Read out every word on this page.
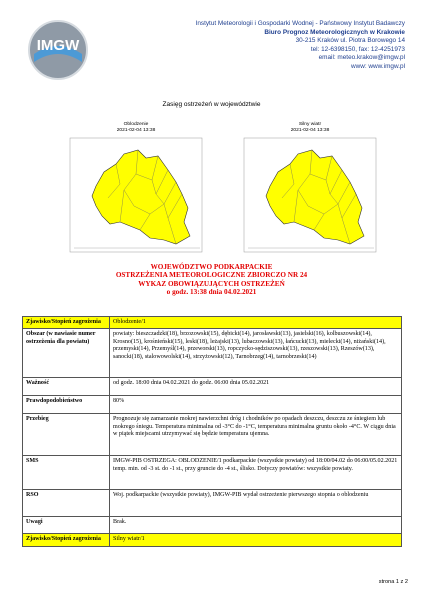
IMGW
Instytut Meteorologii i Gospodarki Wodnej - Państwowy Instytut Badawczy
Biuro Prognoz Meteorologicznych w Krakowie
30-215 Kraków ul. Piotra Borowego 14
tel: 12-6398150, fax: 12-4251973
email: meteo.krakow@imgw.pl
www: www.imgw.pl
Zasięg ostrzeżeń w województwie
Oblodzenie
2021-02-04 13:38
Silny wiatr
2021-02-04 13:38
WOJEWÓDZTWO PODKARPACKIE
OSTRZEŻENIA METEOROLOGICZNE ZBIORCZO NR 24
WYKAZ OBOWIĄZUJĄCYCH OSTRZEŻEŃ
o godz. 13:38 dnia 04.02.2021
Zjawisko/Stopień zagrożenia	Oblodzenie/1
Obszar (w nawiasie numer ostrzeżenia dla powiatu)	powiaty: bieszczadzki(18), brzozowski(15), dębicki(14), jarosławski(13), jasielski(16), kolbuszowski(14), Krosno(15), krośnieński(15), leski(18), leżajski(13), lubaczowski(13), łańcucki(13), mielecki(14), niżański(14), przemyski(14), Przemyśl(14), przeworski(13), ropczycko-sędziszowski(13), rzeszowski(13), Rzeszów(13), sanocki(18), stalowowolski(14), strzyżowski(12), Tarnobrzeg(14), tarnobrzeski(14)
Ważność	od godz. 18:00 dnia 04.02.2021 do godz. 06:00 dnia 05.02.2021
Prawdopodobieństwo	80%
Przebieg	Prognozuje się zamarzanie mokrej nawierzchni dróg i chodników po opadach deszczu, deszczu ze śniegiem lub mokrego śniegu. Temperatura minimalna od -3°C do -1°C, temperatura minimalna gruntu około -4°C. W ciągu dnia w piątek miejscami utrzymywać się będzie temperatura ujemna.
SMS	IMGW-PIB OSTRZEGA: OBLODZENIE/1 podkarpackie (wszystkie powiaty) od 18:00/04.02 do 06:00/05.02.2021 temp. min. od -3 st. do -1 st., przy gruncie do -4 st., ślisko. Dotyczy powiatów: wszystkie powiaty.
RSO	Woj. podkarpackie (wszystkie powiaty), IMGW-PIB wydał ostrzeżenie pierwszego stopnia o oblodzeniu
Uwagi	Brak.
Zjawisko/Stopień zagrożenia	Silny wiatr/1
strona 1 z 2
